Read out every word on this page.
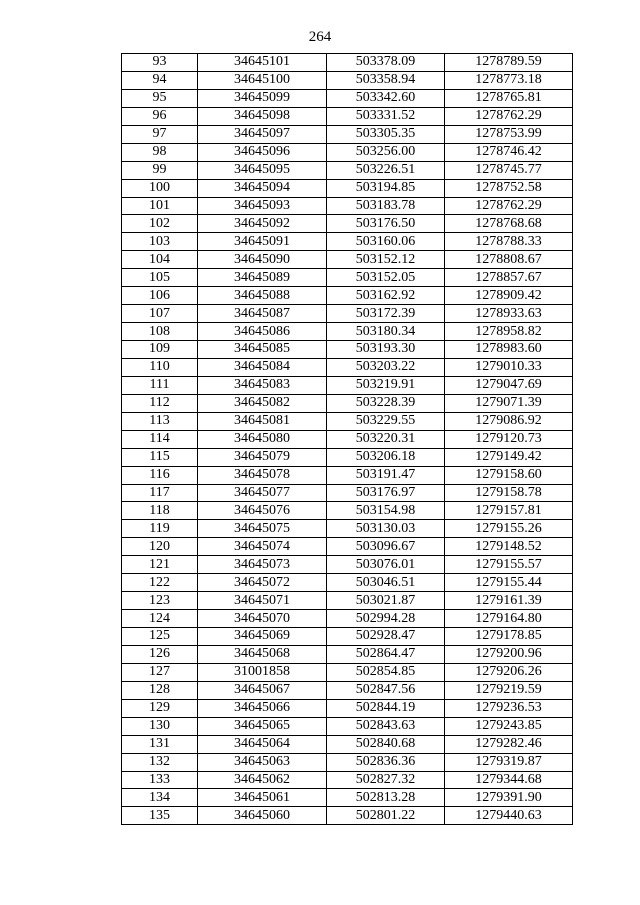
264
93	34645101	503378.09	1278789.59
94	34645100	503358.94	1278773.18
95	34645099	503342.60	1278765.81
96	34645098	503331.52	1278762.29
97	34645097	503305.35	1278753.99
98	34645096	503256.00	1278746.42
99	34645095	503226.51	1278745.77
100	34645094	503194.85	1278752.58
101	34645093	503183.78	1278762.29
102	34645092	503176.50	1278768.68
103	34645091	503160.06	1278788.33
104	34645090	503152.12	1278808.67
105	34645089	503152.05	1278857.67
106	34645088	503162.92	1278909.42
107	34645087	503172.39	1278933.63
108	34645086	503180.34	1278958.82
109	34645085	503193.30	1278983.60
110	34645084	503203.22	1279010.33
111	34645083	503219.91	1279047.69
112	34645082	503228.39	1279071.39
113	34645081	503229.55	1279086.92
114	34645080	503220.31	1279120.73
115	34645079	503206.18	1279149.42
116	34645078	503191.47	1279158.60
117	34645077	503176.97	1279158.78
118	34645076	503154.98	1279157.81
119	34645075	503130.03	1279155.26
120	34645074	503096.67	1279148.52
121	34645073	503076.01	1279155.57
122	34645072	503046.51	1279155.44
123	34645071	503021.87	1279161.39
124	34645070	502994.28	1279164.80
125	34645069	502928.47	1279178.85
126	34645068	502864.47	1279200.96
127	31001858	502854.85	1279206.26
128	34645067	502847.56	1279219.59
129	34645066	502844.19	1279236.53
130	34645065	502843.63	1279243.85
131	34645064	502840.68	1279282.46
132	34645063	502836.36	1279319.87
133	34645062	502827.32	1279344.68
134	34645061	502813.28	1279391.90
135	34645060	502801.22	1279440.63
